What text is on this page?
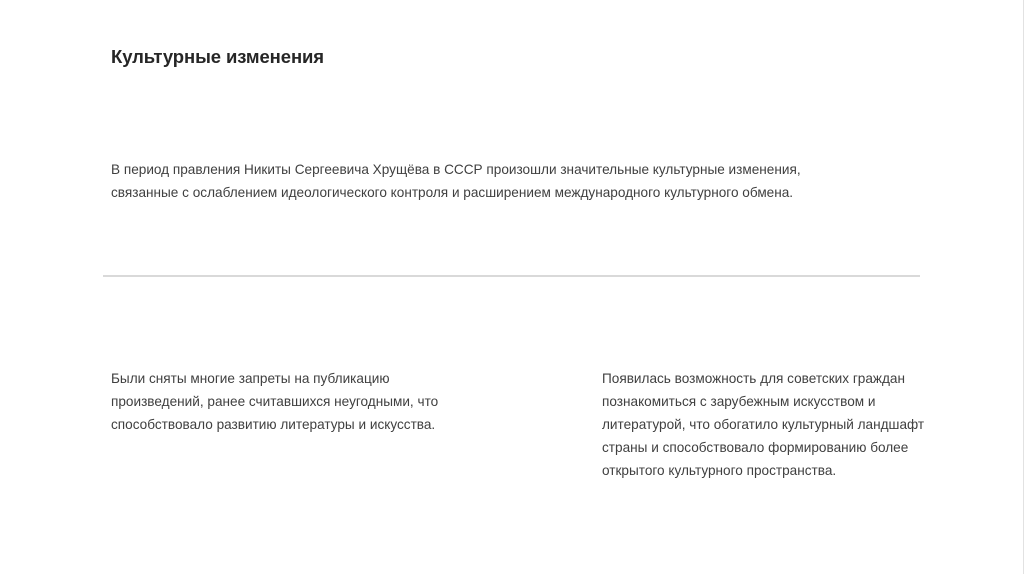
Культурные изменения

В период правления Никиты Сергеевича Хрущёва в СССР произошли значительные культурные изменения,
связанные с ослаблением идеологического контроля и расширением международного культурного обмена.

Были сняты многие запреты на публикацию
произведений, ранее считавшихся неугодными, что
способствовало развитию литературы и искусства.

Появилась возможность для советских граждан
познакомиться с зарубежным искусством и
литературой, что обогатило культурный ландшафт
страны и способствовало формированию более
открытого культурного пространства.
